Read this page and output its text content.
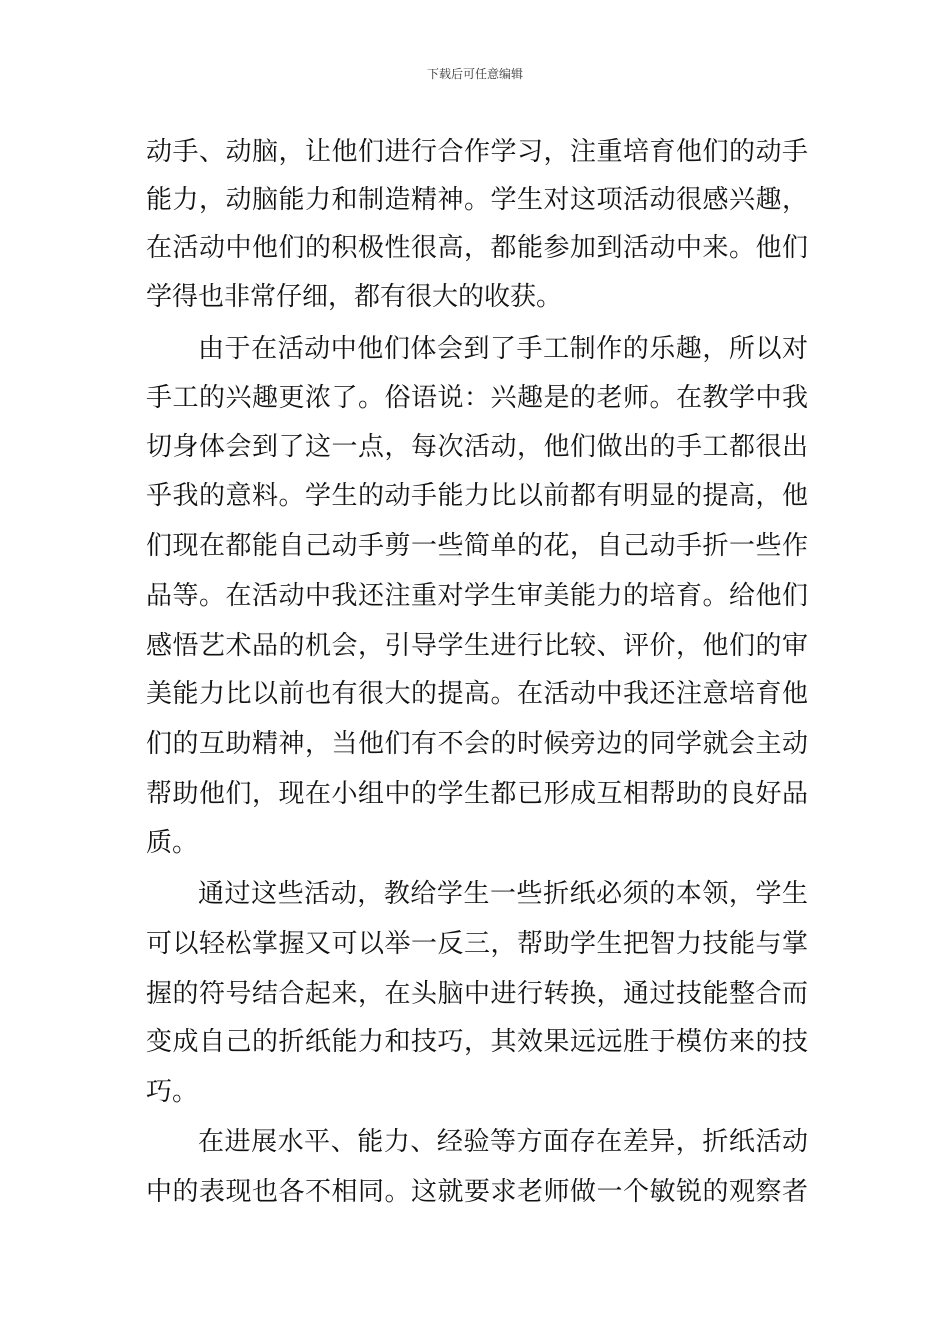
下载后可任意编辑
动手、动脑，让他们进行合作学习，注重培育他们的动手
能力，动脑能力和制造精神。学生对这项活动很感兴趣，
在活动中他们的积极性很高，都能参加到活动中来。他们
学得也非常仔细，都有很大的收获。
由于在活动中他们体会到了手工制作的乐趣，所以对
手工的兴趣更浓了。俗语说：兴趣是的老师。在教学中我
切身体会到了这一点，每次活动，他们做出的手工都很出
乎我的意料。学生的动手能力比以前都有明显的提高，他
们现在都能自己动手剪一些简单的花，自己动手折一些作
品等。在活动中我还注重对学生审美能力的培育。给他们
感悟艺术品的机会，引导学生进行比较、评价，他们的审
美能力比以前也有很大的提高。在活动中我还注意培育他
们的互助精神，当他们有不会的时候旁边的同学就会主动
帮助他们，现在小组中的学生都已形成互相帮助的良好品
质。
通过这些活动，教给学生一些折纸必须的本领，学生
可以轻松掌握又可以举一反三，帮助学生把智力技能与掌
握的符号结合起来，在头脑中进行转换，通过技能整合而
变成自己的折纸能力和技巧，其效果远远胜于模仿来的技
巧。
在进展水平、能力、经验等方面存在差异，折纸活动
中的表现也各不相同。这就要求老师做一个敏锐的观察者
